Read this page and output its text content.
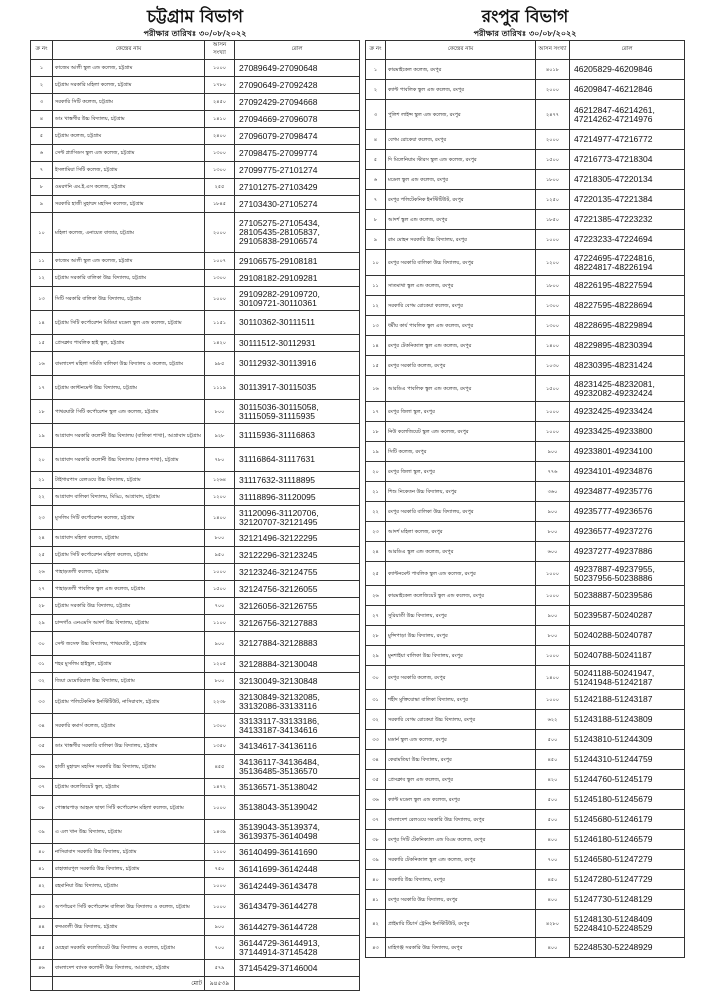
চট্টগ্রাম বিভাগ
পরীক্ষার তারিখঃ ৩০/০৮/২০২২
ক্র নং	কেন্দ্রের নাম	আসন সংখ্যা	রোল
১	কাজেম আলী স্কুল এন্ড কলেজ, চট্টগ্রাম	১০০০	27089649-27090648
২	চট্টগ্রাম সরকারি মহিলা কলেজ, চট্টগ্রাম	১৭৮০	27090649-27092428
৩	সরকারি সিটি কলেজ, চট্টগ্রাম	২৪৫০	27092429-27094668
৪	ডাঃ খাস্তগীর উচ্চ বিদ্যালয়, চট্টগ্রাম	১৪১০	27094669-27096078
৫	চট্টগ্রাম কলেজ, চট্টগ্রাম	২৪০০	27096079-27098474
৬	সেন্ট প্ল্যাসিডস স্কুল এন্ড কলেজ, চট্টগ্রাম	১৩০০	27098475-27099774
৭	ইসলামিয়া সিটি কলেজ, চট্টগ্রাম	১৩০০	27099775-27101274
৮	ওমরগনি এম.ই.এস কলেজ, চট্টগ্রাম	২৫৫	27101275-27103429
৯	সরকারি হাজী মুহাম্মদ মহসিন কলেজ, চট্টগ্রাম	১৮৪৫	27103430-27105274
১০	মহিলা কলেজ, এনায়েত বাজার, চট্টগ্রাম	২০০০	27105275-27105434, 28105435-28105837, 29105838-29106574
১১	কাজেম আলী স্কুল এন্ড কলেজ, চট্টগ্রাম	১০০৭	29106575-29108181
১২	চট্টগ্রাম সরকারি বালিকা উচ্চ বিদ্যালয়, চট্টগ্রাম	১৩০০	29108182-29109281
১৩	সিটি সরকারি বালিকা উচ্চ বিদ্যালয়, চট্টগ্রাম	১০০০	29109282-29109720, 30109721-30110361
১৪	চট্টগ্রাম সিটি কর্পোরেশন মিডিয়া মডেল স্কুল এন্ড কলেজ, চট্টগ্রাম	১১৫১	30110362-30111511
১৫	প্রেসক্লাব পাবলিক হাই স্কুল, চট্টগ্রাম	১৪২০	30111512-30112931
১৬	বাংলাদেশ মহিলা সমিতি বালিকা উচ্চ বিদ্যালয় ও কলেজ, চট্টগ্রাম	৯৮৫	30112932-30113916
১৭	চট্টগ্রাম ক্যান্টনমেন্ট উচ্চ বিদ্যালয়, চট্টগ্রাম	১১১৯	30113917-30115035
১৮	পাথরঘাটা সিটি কর্পোরেশন স্কুল এন্ড কলেজ, চট্টগ্রাম	৮০০	30115036-30115058, 31115059-31115935
১৯	আগ্রাবাদ সরকারি কলোনী উচ্চ বিদ্যালয় (বালিকা শাখা), আগ্রাবাদ চট্টগ্রাম	৯২৮	31115936-31116863
২০	আগ্রাবাদ সরকারি কলোনী উচ্চ বিদ্যালয় (বালক শাখা), চট্টগ্রাম	৭৮০	31116864-31117631
২১	টাইগারপাস রেলওয়ে উচ্চ বিদ্যালয়, চট্টগ্রাম	১২৬৪	31117632-31118895
২২	আগ্রাবাদ বালিকা বিদ্যালয়, মিড্ডি, আগ্রাবাদ, চট্টগ্রাম	১২০০	31118896-31120095
২৩	মুসলিম সিটি কর্পোরেশন কলেজ, চট্টগ্রাম	১৪০০	31120096-31120706, 32120707-32121495
২৪	আগ্রাবাদ মহিলা কলেজ, চট্টগ্রাম	৮০০	32121496-32122295
২৫	চট্টগ্রাম সিটি কর্পোরেশন মহিলা কলেজ, চট্টগ্রাম	৯৫০	32122296-32123245
২৬	পাহাড়তলী কলেজ, চট্টগ্রাম	১০০০	32123246-32124755
২৭	পাহাড়তলী পাবলিক স্কুল এন্ড কলেজ, চট্টগ্রাম	১৫০০	32124756-32126055
২৮	চট্টগ্রাম সরকারি উচ্চ বিদ্যালয়, চট্টগ্রাম	৭০০	32126056-32126755
২৯	চান্দগাঁও এনএমসি আদর্শ উচ্চ বিদ্যালয়, চট্টগ্রাম	১১০০	32126756-32127883
৩০	সেন্ট জসেফ উচ্চ বিদ্যালয়, পাথরঘাটা, চট্টগ্রাম	৯০০	32127884-32128883
৩১	শহর মুসলিম হাইস্কুল, চট্টগ্রাম	১২০৫	32128884-32130048
৩২	জিয়া মেমোরিয়াল উচ্চ বিদ্যালয়, চট্টগ্রাম	৮০০	32130049-32130848
৩৩	চট্টগ্রাম পলিটেকনিক ইনস্টিটিউট, নাসিরাবাদ, চট্টগ্রাম	২২৩৮	32130849-32132085, 33132086-33133116
৩৪	সরকারি কমার্স কলেজ, চট্টগ্রাম	১৩০০	33133117-33133186, 34133187-34134616
৩৫	ডাঃ খাস্তগীর সরকারি বালিকা উচ্চ বিদ্যালয়, চট্টগ্রাম	১৩৫০	34134617-34136116
৩৬	হাজী মুহাম্মদ মহসিন সরকারি উচ্চ বিদ্যালয়, চট্টগ্রাম	৪৫৫	34136117-34136484, 35136485-35136570
৩৭	চট্টগ্রাম কলেজিয়েট স্কুল, চট্টগ্রাম	১৪৭২	35136571-35138042
৩৮	পোস্তারপাড় আহমদ ছাফা সিটি কর্পোরেশন মহিলা কলেজ, চট্টগ্রাম	১০০০	35138043-35139042
৩৯	এ এল খান উচ্চ বিদ্যালয়, চট্টগ্রাম	১৪৩৯	35139043-35139374, 36139375-36140498
৪০	নাসিরাবাদ সরকারি উচ্চ বিদ্যালয়, চট্টগ্রাম	১১০০	36140499-36141690
৪১	রাহাত্তারপুল সরকারি উচ্চ বিদ্যালয়, চট্টগ্রাম	৭৫০	36141699-36142448
৪২	রহমানিয়া উচ্চ বিদ্যালয়, চট্টগ্রাম	১০০০	36142449-36143478
৪৩	অপর্ণাচরণ সিটি কর্পোরেশন বালিকা উচ্চ বিদ্যালয় ও কলেজ, চট্টগ্রাম	১০০০	36143479-36144278
৪৪	কদমতলী উচ্চ বিদ্যালয়, চট্টগ্রাম	৯০০	36144279-36144728
৪৫	মেহেরা সরকারি কলেজিয়েট উচ্চ বিদ্যালয় ও কলেজ, চট্টগ্রাম	৭০০	36144729-36144913, 37144914-37145428
৪৬	বাংলাদেশ ব্যাংক কলোনী উচ্চ বিদ্যালয়, আগ্রাবাদ, চট্টগ্রাম	৫৭৯	37145429-37146004
	মোট	৯৪৫৩৯	
রংপুর বিভাগ
পরীক্ষার তারিখঃ ৩০/০৮/২০২২
ক্র নং	কেন্দ্রের নাম	আসন সংখ্যা	রোল
১	কারমাইকেল কলেজ, রংপুর	৪০১৮	46205829-46209846
২	ক্যান্ট পাবলিক স্কুল এন্ড কলেজ, রংপুর	২০০০	46209847-46212846
৩	পুলিশ লাইন্স স্কুল এন্ড কলেজ, রংপুর	২৪৭৭	46212847-46214261, 47214262-47214976
৪	বেগম রোকেয়া কলেজ, রংপুর	২০০০	47214977-47216772
৫	দি মিলেনিয়াম স্টারস স্কুল এন্ড কলেজ, রংপুর	১৫০০	47216773-47218304
৬	মডেল স্কুল এন্ড কলেজ, রংপুর	১৮০০	47218305-47220134
৭	রংপুর পলিটেকনিক ইনস্টিটিউট, রংপুর	১২৫০	47220135-47221384
৮	আদর্শ স্কুল এন্ড কলেজ, রংপুর	১৮৫০	47221385-47223232
৯	রাম মোহন সরকারি উচ্চ বিদ্যালয়, রংপুর	১০০০	47223233-47224694
১০	রংপুর সরকারি বালিকা উচ্চ বিদ্যালয়, রংপুর	১২০০	47224695-47224816, 48224817-48226194
১১	সাতমাথা স্কুল এন্ড কলেজ, রংপুর	১৮০০	48226195-48227594
১২	সরকারি বেগম রোকেয়া কলেজ, রংপুর	১৩০০	48227595-48228694
১৩	ধর্মীয় কার্য পাবলিক স্কুল এন্ড কলেজ, রংপুর	১৩০০	48228695-48229894
১৪	রংপুর টেকনিক্যাল স্কুল এন্ড কলেজ, রংপুর	১৪০০	48229895-48230394
১৫	রংপুর সরকারি কলেজ, রংপুর	১০৩০	48230395-48231424
১৬	আরডিএ পাবলিক স্কুল এন্ড কলেজ, রংপুর	১৫০০	48231425-48232081, 49232082-49232424
১৭	রংপুর জিলা স্কুল, রংপুর	১০০০	49232425-49233424
১৮	নিউ কলেজিয়েট স্কুল এন্ড কলেজ, রংপুর	১০০০	49233425-49233800
১৯	সিটি কলেজ, রংপুর	৯০০	49233801-49234100
২০	রংপুর জিলা স্কুল, রংপুর	৭৭৬	49234101-49234876
২১	শিশু নিকেতন উচ্চ বিদ্যালয়, রংপুর	৩৬০	49234877-49235776
২২	রংপুর সরকারি বালিকা উচ্চ বিদ্যালয়, রংপুর	৯০০	49235777-49236576
২৩	আদর্শ মহিলা কলেজ, রংপুর	৮০০	49236577-49237276
২৪	আরডিএ স্কুল এন্ড কলেজ, রংপুর	৬০০	49237277-49237886
২৫	ক্যান্টনমেন্ট পাবলিক স্কুল এন্ড কলেজ, রংপুর	১০০০	49237887-49237955, 50237956-50238886
২৬	কারমাইকেল কলেজিয়েট স্কুল এন্ড কলেজ, রংপুর	১০০০	50238887-50239586
২৭	সুরিয়াতী উচ্চ বিদ্যালয়, রংপুর	৯০০	50239587-50240287
২৮	মুন্সিপাড়া উচ্চ বিদ্যালয়, রংপুর	৮০০	50240288-50240787
২৯	মুনশাইয়া বালিকা উচ্চ বিদ্যালয়, রংপুর	১০০০	50240788-50241187
৩০	রংপুর সরকারি কলেজ, রংপুর	১৪০০	50241188-50241947, 51241948-51242187
৩১	শহীদ মুক্তিযোদ্ধা বালিকা বিদ্যালয়, রংপুর	১০০০	51242188-51243187
৩২	সরকারি বেগম রোকেয়া উচ্চ বিদ্যালয়, রংপুর	৬২২	51243188-51243809
৩৩	মডার্ন স্কুল এন্ড কলেজ, রংপুর	৫০০	51243810-51244309
৩৪	কেরামতিয়া উচ্চ বিদ্যালয়, রংপুর	৪৫০	51244310-51244759
৩৫	প্রেসক্লাব স্কুল এন্ড কলেজ, রংপুর	৪২০	51244760-51245179
৩৬	ক্যান্ট মডেল স্কুল এন্ড কলেজ, রংপুর	৫০০	51245180-51245679
৩৭	বাংলাদেশ রেলওয়ে সরকারি উচ্চ বিদ্যালয়, রংপুর	৫০০	51245680-51246179
৩৮	রংপুর সিটি টেকনিক্যাল এন্ড বিএম কলেজ, রংপুর	৪০০	51246180-51246579
৩৯	সরকারি টেকনিক্যাল স্কুল এন্ড কলেজ, রংপুর	৭০০	51246580-51247279
৪০	সরকারি উচ্চ বিদ্যালয়, রংপুর	৪৫০	51247280-51247729
৪১	রংপুর সরকারি উচ্চ বিদ্যালয়, রংপুর	৪০০	51247730-51248129
৪২	প্রাইমারি টিচার্স ট্রেনিং ইনস্টিটিউট, রংপুর	৪২৮০	51248130-51248409 52248410-52248529
৪৩	মাহিগঞ্জ সরকারি উচ্চ বিদ্যালয়, রংপুর	৪০০	52248530-52248929
